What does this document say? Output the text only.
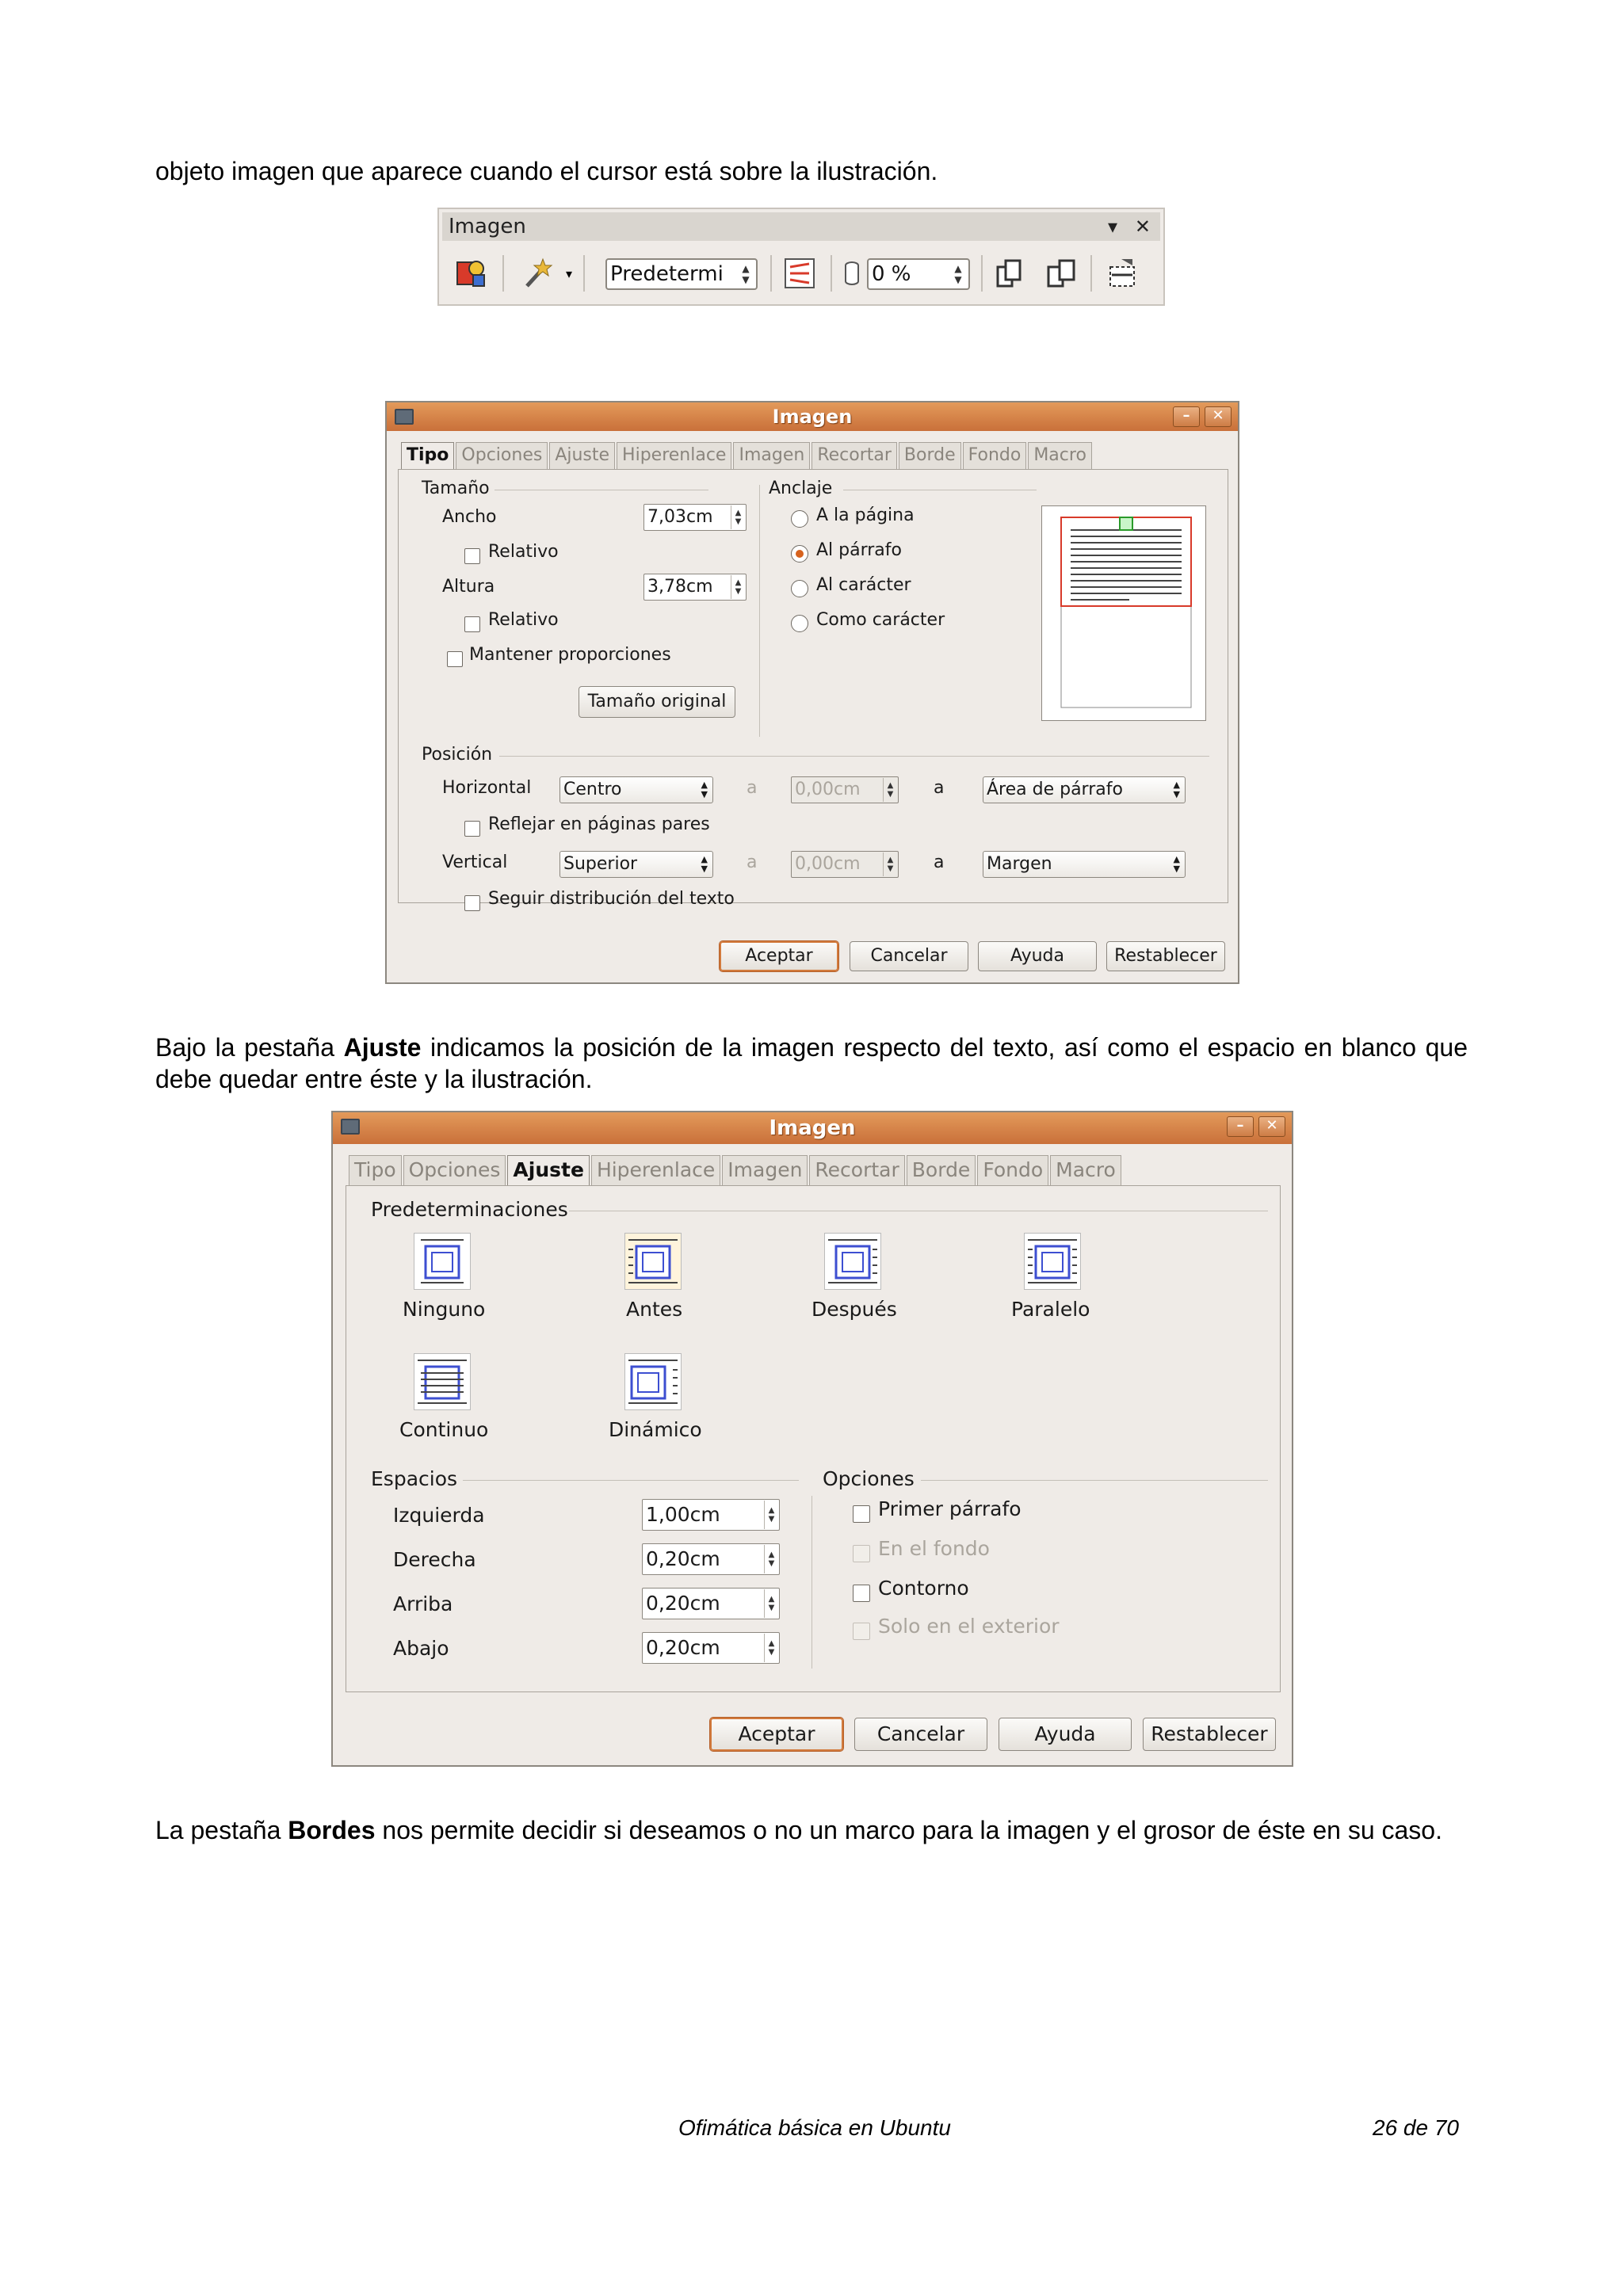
objeto imagen que aparece cuando el cursor está sobre la ilustración.

Imagen	▾ ✕
▾ Predetermi	▲
▼	0 %	▲
▼
Imagen	–	✕
Tipo Opciones Ajuste Hiperenlace Imagen Recortar Borde Fondo Macro
Tamaño
Ancho	7,03cm	▲
▼
Relativo
Altura	3,78cm	▲
▼
Relativo
Mantener proporciones
Tamaño original
Anclaje
A la página
Al párrafo
Al carácter
Como carácter
Posición
Horizontal Centro	▲
▼ a 0,00cm	▲
▼ a Área de párrafo	▲
▼
Reflejar en páginas pares
Vertical	Superior	▲
▼ a 0,00cm	▲
▼ a Margen	▲
▼
Seguir distribución del texto
Aceptar	Cancelar	Ayuda	Restablecer

Bajo la pestaña Ajuste indicamos la posición de la imagen respecto del texto, así como el espacio en blanco que debe quedar entre éste y la ilustración.

Imagen	–	✕
Tipo Opciones Ajuste Hiperenlace Imagen Recortar Borde Fondo Macro
Predeterminaciones
Ninguno	Antes	Después	Paralelo
Continuo	Dinámico
Espacios
Izquierda	1,00cm	▲
▼
Derecha	0,20cm	▲
▼
Arriba	0,20cm	▲
▼
Abajo	0,20cm	▲
▼
Opciones
Primer párrafo
En el fondo
Contorno
Solo en el exterior
Aceptar	Cancelar	Ayuda	Restablecer

La pestaña Bordes nos permite decidir si deseamos o no un marco para la imagen y el grosor de éste en su caso.

Ofimática básica en Ubuntu	26 de 70
